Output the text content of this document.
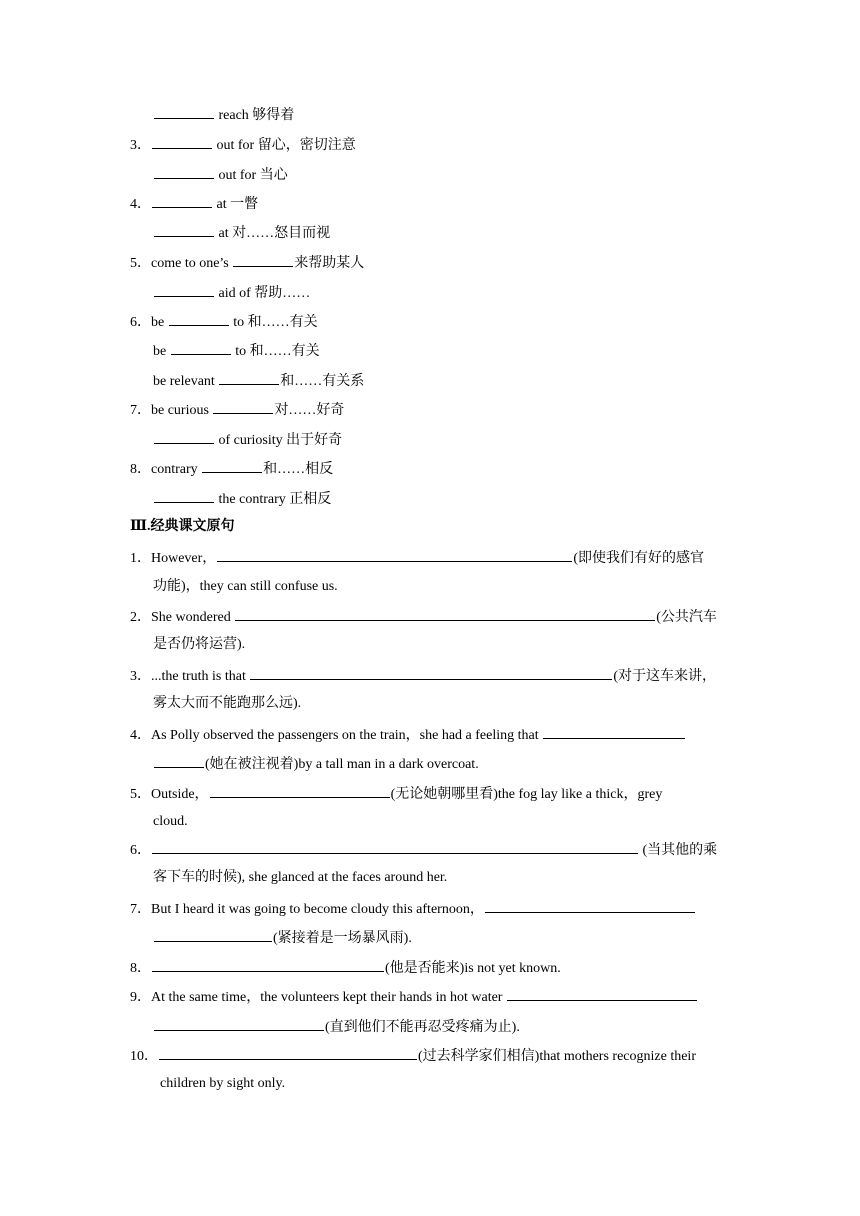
reach 够得着
3．	out for 留心，密切注意
out for 当心
4．	at 一瞥
at 对……怒目而视
5．come to one’s	来帮助某人
aid of 帮助……
6．be	to 和……有关
be	to 和……有关
be relevant	和……有关系
7．be curious	对……好奇
of curiosity 出于好奇
8．contrary	和……相反
the contrary 正相反
Ⅲ.经典课文原句
1．However，	(即使我们有好的感官
功能)，they can still confuse us.
2．She wondered	(公共汽车
是否仍将运营).
3．...the truth is that	(对于这车来讲，
雾太大而不能跑那么远).
4．As Polly observed the passengers on the train，she had a feeling that
(她在被注视着)by a tall man in a dark overcoat.
5．Outside，	(无论她朝哪里看)the fog lay like a thick，grey
cloud.
6．	(当其他的乘
客下车的时候), she glanced at the faces around her.
7．But I heard it was going to become cloudy this afternoon，
(紧接着是一场暴风雨).
8．	(他是否能来)is not yet known.
9．At the same time，the volunteers kept their hands in hot water
(直到他们不能再忍受疼痛为止).
10．	(过去科学家们相信)that mothers recognize their
children by sight only.
